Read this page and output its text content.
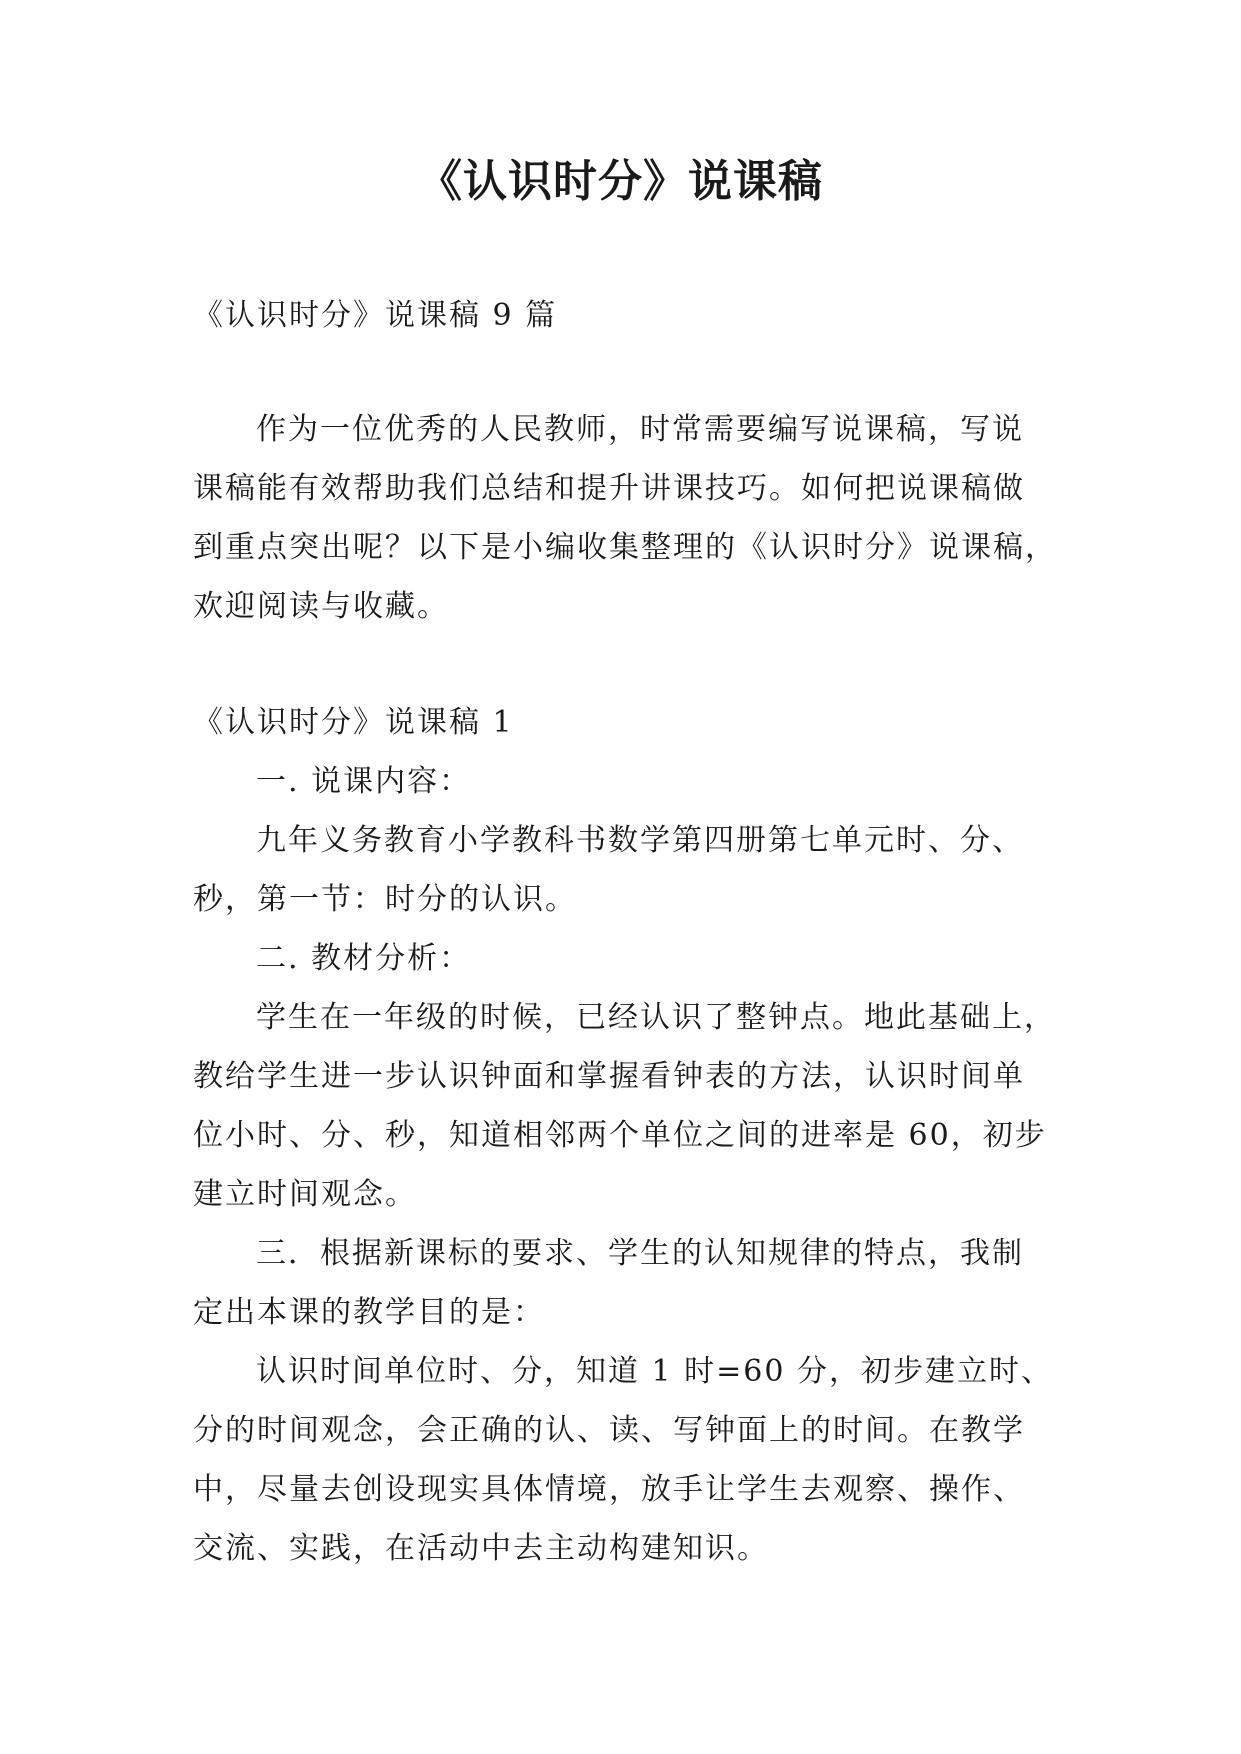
《认识时分》说课稿

《认识时分》说课稿 9 篇

作为一位优秀的人民教师，时常需要编写说课稿，写说

课稿能有效帮助我们总结和提升讲课技巧。如何把说课稿做

到重点突出呢？以下是小编收集整理的《认识时分》说课稿，

欢迎阅读与收藏。

《认识时分》说课稿 1

一. 说课内容：

九年义务教育小学教科书数学第四册第七单元时、分、

秒，第一节：时分的认识。

二. 教材分析：

学生在一年级的时候，已经认识了整钟点。地此基础上，

教给学生进一步认识钟面和掌握看钟表的方法，认识时间单

位小时、分、秒，知道相邻两个单位之间的进率是 60，初步

建立时间观念。

三．根据新课标的要求、学生的认知规律的特点，我制

定出本课的教学目的是：

认识时间单位时、分，知道 1 时=60 分，初步建立时、

分的时间观念，会正确的认、读、写钟面上的时间。在教学

中，尽量去创设现实具体情境，放手让学生去观察、操作、

交流、实践，在活动中去主动构建知识。
